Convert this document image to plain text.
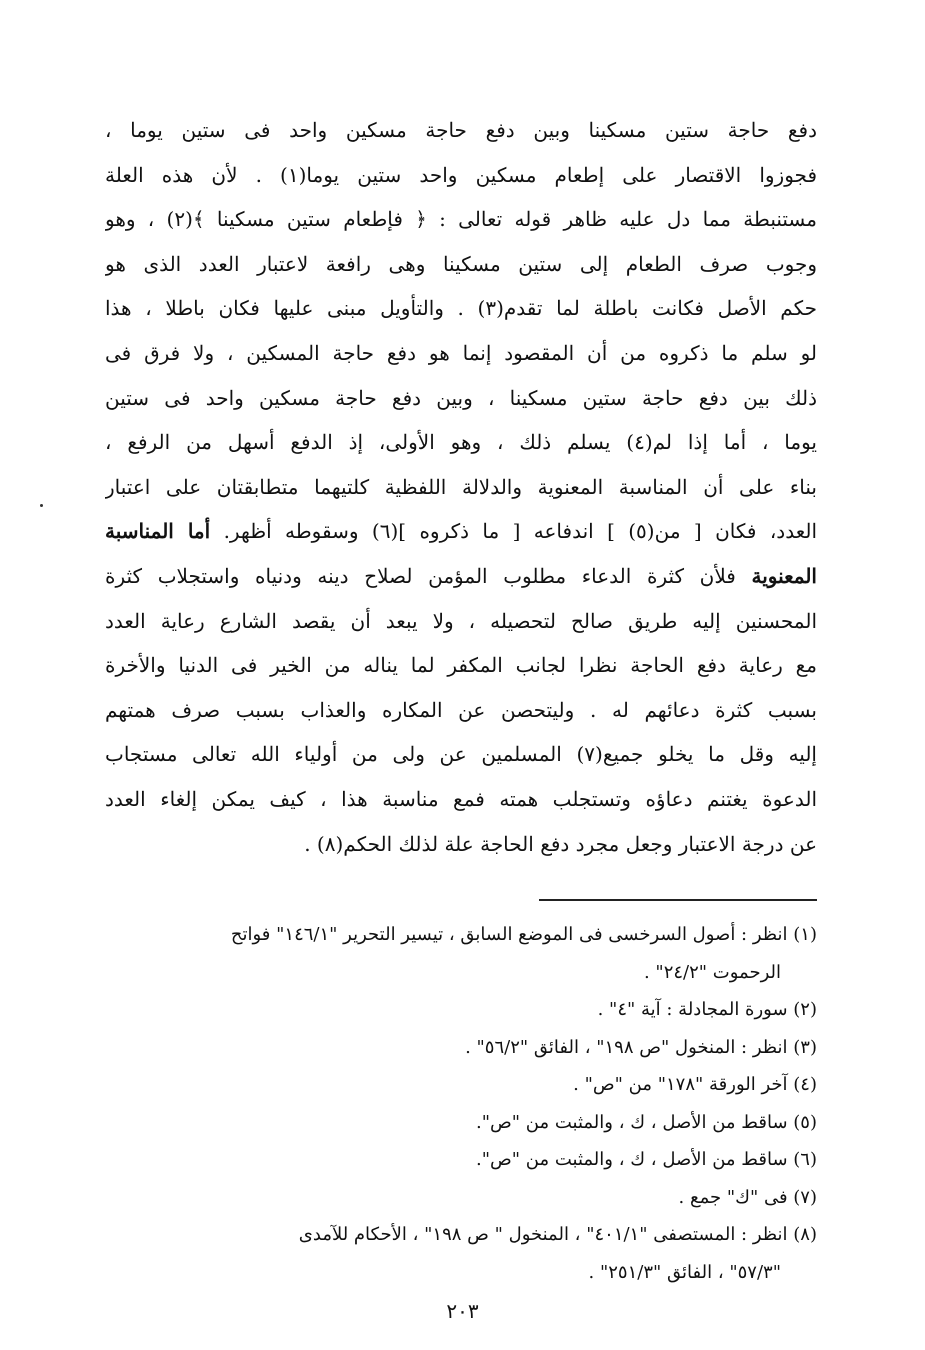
دفع حاجة ستين مسكينا وبين دفع حاجة مسكين واحد فى ستين يوما ،
فجوزوا الاقتصار على إطعام مسكين واحد ستين يوما(١) . لأن هذه العلة
مستنبطة مما دل عليه ظاهر قوله تعالى : ﴿ فإطعام ستين مسكينا ﴾(٢) ، وهو
وجوب صرف الطعام إلى ستين مسكينا وهى رافعة لاعتبار العدد الذى هو
حكم الأصل فكانت باطلة لما تقدم(٣) . والتأويل مبنى عليها فكان باطلا ، هذا
لو سلم ما ذكروه من أن المقصود إنما هو دفع حاجة المسكين ، ولا فرق فى
ذلك بين دفع حاجة ستين مسكينا ، وبين دفع حاجة مسكين واحد فى ستين
يوما ، أما إذا لم(٤) يسلم ذلك ، وهو الأولى، إذ الدفع أسهل من الرفع ،
بناء على أن المناسبة المعنوية والدلالة اللفظية كلتيهما متطابقتان على اعتبار
العدد، فكان [ من(٥) ] اندفاعه [ ما ذكروه ](٦) وسقوطه أظهر. أما المناسبة
المعنوية فلأن كثرة الدعاء مطلوب المؤمن لصلاح دينه ودنياه واستجلاب كثرة
المحسنين إليه طريق صالح لتحصيله ، ولا يبعد أن يقصد الشارع رعاية العدد
مع رعاية دفع الحاجة نظرا لجانب المكفر لما يناله من الخير فى الدنيا والأخرة
بسبب كثرة دعائهم له . وليتحصن عن المكاره والعذاب بسبب صرف همتهم
إليه وقل ما يخلو جميع(٧) المسلمين عن ولى من أولياء الله تعالى مستجاب
الدعوة يغتنم دعاؤه وتستجلب همته فمع مناسبة هذا ، كيف يمكن إلغاء العدد
عن درجة الاعتبار وجعل مجرد دفع الحاجة علة لذلك الحكم(٨) .
(١) انظر : أصول السرخسى فى الموضع السابق ، تيسير التحرير "١٤٦/١" فواتح
الرحموت "٢٤/٢" .
(٢) سورة المجادلة : آية "٤" .
(٣) انظر : المنخول "ص ١٩٨" ، الفائق "٥٦/٢" .
(٤) آخر الورقة "١٧٨" من "ص" .
(٥) ساقط من الأصل ، ك ، والمثبت من "ص".
(٦) ساقط من الأصل ، ك ، والمثبت من "ص".
(٧) فى "ك" جمع .
(٨) انظر : المستصفى "٤٠١/١" ، المنخول " ص ١٩٨" ، الأحكام للآمدى
"٥٧/٣" ، الفائق "٢٥١/٣" .
٢٠٣
